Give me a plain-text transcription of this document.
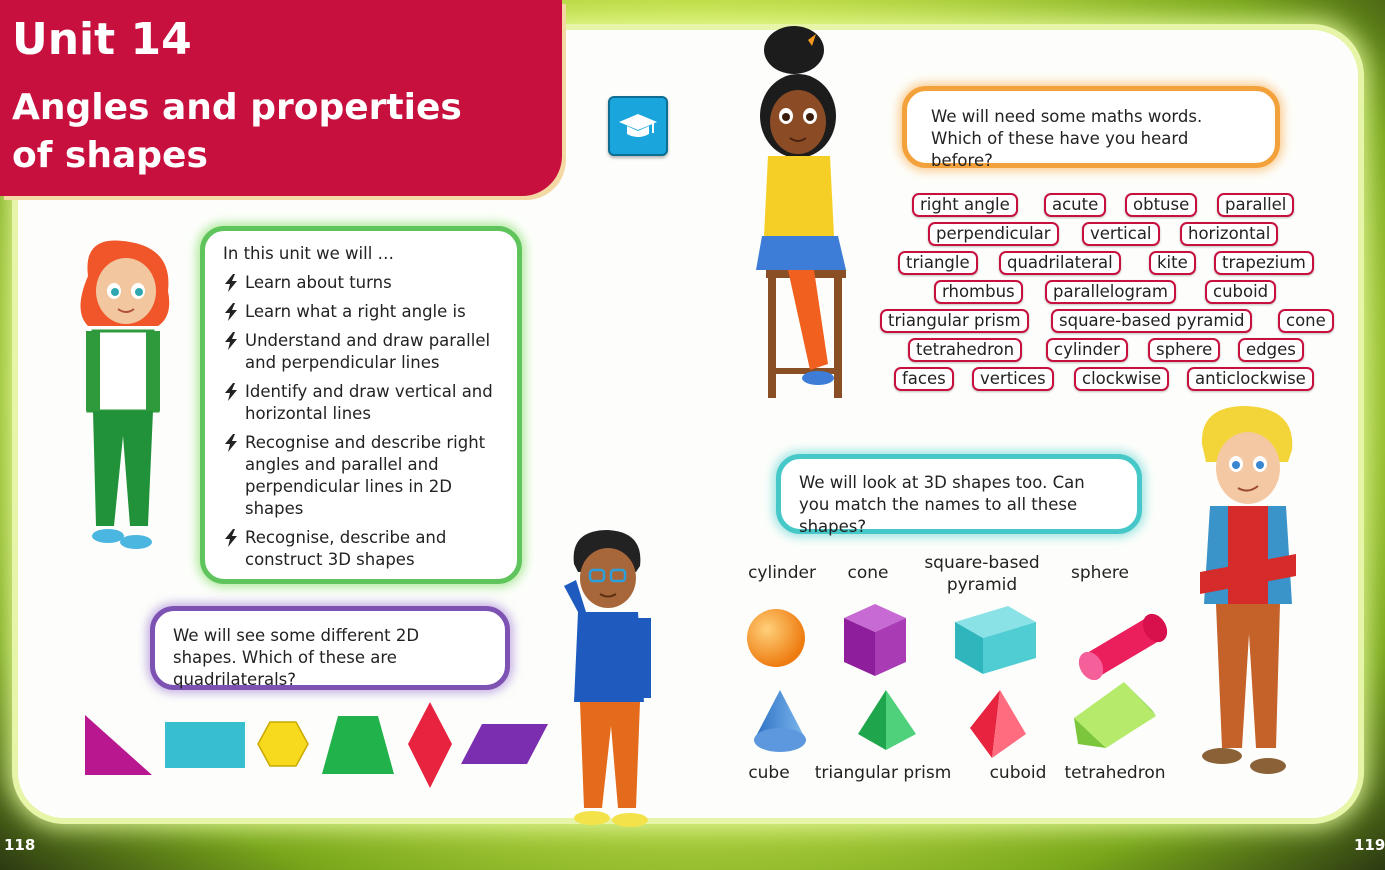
Unit 14
Angles and properties of shapes
In this unit we will …
Learn about turns
Learn what a right angle is
Understand and draw parallel and perpendicular lines
Identify and draw vertical and horizontal lines
Recognise and describe right angles and parallel and perpendicular lines in 2D shapes
Recognise, describe and construct 3D shapes
We will see some different 2D shapes. Which of these are quadrilaterals?
We will need some maths words. Which of these have you heard before?
right angle	acute	obtuse	parallel
perpendicular	vertical	horizontal
triangle	quadrilateral	kite	trapezium
rhombus	parallelogram	cuboid
triangular prism	square-based pyramid	cone
tetrahedron	cylinder	sphere	edges
faces	vertices	clockwise	anticlockwise
We will look at 3D shapes too. Can you match the names to all these shapes?
cylinder	cone	square-based pyramid
sphere
cube	triangular prism	cuboid	tetrahedron
118	119
